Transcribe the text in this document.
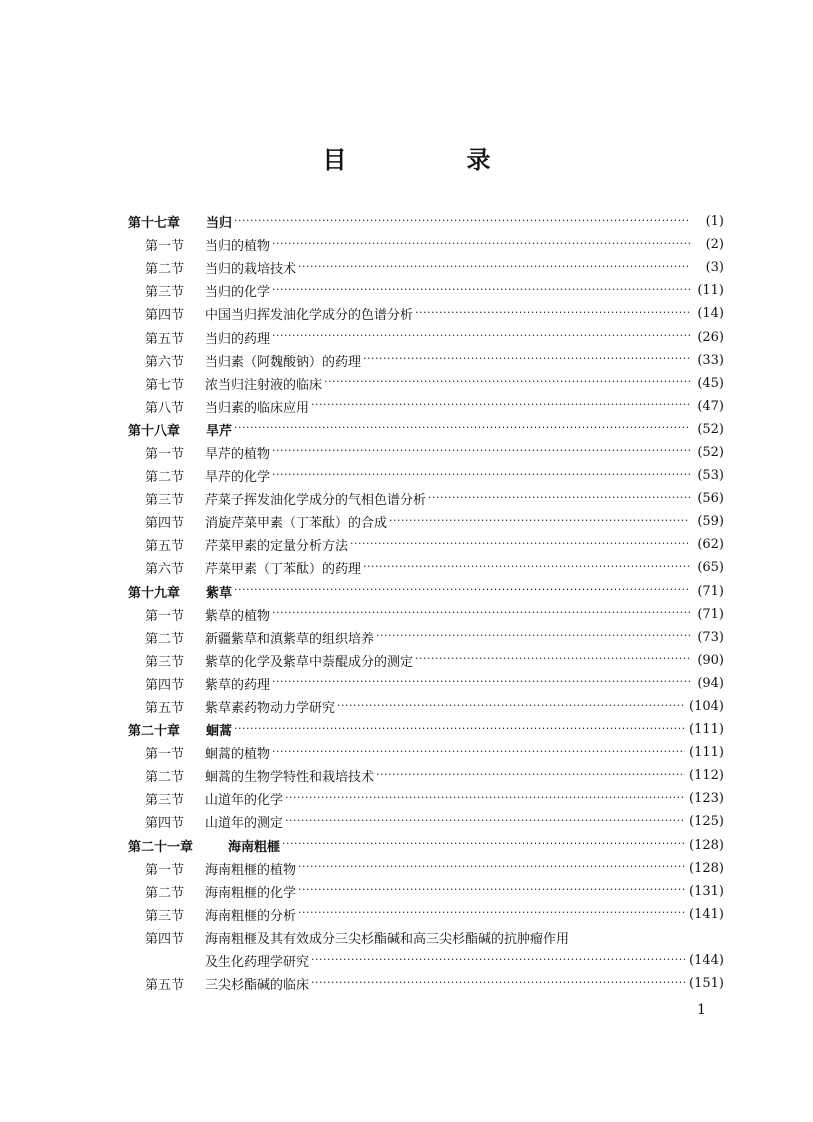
目　录
第十七章	当归 ·····	(1)
第一节	当归的植物 ·····	(2)
第二节	当归的栽培技术 ·····	(3)
第三节	当归的化学 ·····	(11)
第四节	中国当归挥发油化学成分的色谱分析 ·····	(14)
第五节	当归的药理 ·····	(26)
第六节	当归素（阿魏酸钠）的药理 ·····	(33)
第七节	浓当归注射液的临床 ·····	(45)
第八节	当归素的临床应用 ·····	(47)
第十八章	旱芹 ·····	(52)
第一节	旱芹的植物 ·····	(52)
第二节	旱芹的化学 ·····	(53)
第三节	芹菜子挥发油化学成分的气相色谱分析 ·····	(56)
第四节	消旋芹菜甲素（丁苯酞）的合成 ·····	(59)
第五节	芹菜甲素的定量分析方法 ·····	(62)
第六节	芹菜甲素（丁苯酞）的药理 ·····	(65)
第十九章	紫草 ·····	(71)
第一节	紫草的植物 ·····	(71)
第二节	新疆紫草和滇紫草的组织培养 ·····	(73)
第三节	紫草的化学及紫草中萘醌成分的测定 ·····	(90)
第四节	紫草的药理 ·····	(94)
第五节	紫草素药物动力学研究 ·····	(104)
第二十章	蛔蒿 ·····	(111)
第一节	蛔蒿的植物 ·····	(111)
第二节	蛔蒿的生物学特性和栽培技术 ·····	(112)
第三节	山道年的化学 ·····	(123)
第四节	山道年的测定 ·····	(125)
第二十一章	海南粗榧 ·····	(128)
第一节	海南粗榧的植物 ·····	(128)
第二节	海南粗榧的化学 ·····	(131)
第三节	海南粗榧的分析 ·····	(141)
第四节	海南粗榧及其有效成分三尖杉酯碱和高三尖杉酯碱的抗肿瘤作用
及生化药理学研究 ·····	(144)
第五节	三尖杉酯碱的临床 ·····	(151)
1
